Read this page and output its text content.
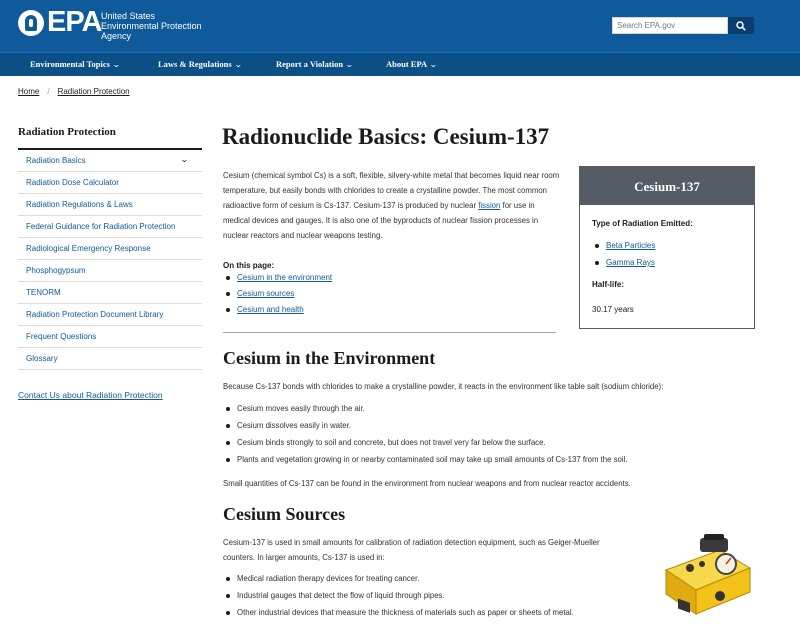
EPA United States
Environmental Protection
Agency
Search EPA.gov
Environmental Topics ⌄	Laws & Regulations ⌄	Report a Violation ⌄	About EPA ⌄
Home / Radiation Protection
Radiation Protection
Radiation Basics	⌄
Radiation Dose Calculator
Radiation Regulations & Laws
Federal Guidance for Radiation Protection
Radiological Emergency Response
Phosphogypsum
TENORM
Radiation Protection Document Library
Frequent Questions
Glossary
Contact Us about Radiation Protection
Radionuclide Basics: Cesium-137

Cesium (chemical symbol Cs) is a soft, flexible, silvery-white metal that becomes liquid near room temperature, but easily bonds with chlorides to create a crystalline powder. The most common radioactive form of cesium is Cs-137. Cesium-137 is produced by nuclear fission for use in medical devices and gauges. It is also one of the byproducts of nuclear fission processes in nuclear reactors and nuclear weapons testing.

On this page:
Cesium in the environment
Cesium sources
Cesium and health
Cesium in the Environment

Because Cs-137 bonds with chlorides to make a crystalline powder, it reacts in the environment like table salt (sodium chloride):

Cesium moves easily through the air.
Cesium dissolves easily in water.
Cesium binds strongly to soil and concrete, but does not travel very far below the surface.
Plants and vegetation growing in or nearby contaminated soil may take up small amounts of Cs-137 from the soil.

Small quantities of Cs-137 can be found in the environment from nuclear weapons and from nuclear reactor accidents.

Cesium Sources

Cesium-137 is used in small amounts for calibration of radiation detection equipment, such as Geiger-Mueller counters. In larger amounts, Cs-137 is used in:

Medical radiation therapy devices for treating cancer.
Industrial gauges that detect the flow of liquid through pipes.
Other industrial devices that measure the thickness of materials such as paper or sheets of metal.
Cesium-137
Type of Radiation Emitted:
Beta Particles
Gamma Rays
Half-life:
30.17 years
